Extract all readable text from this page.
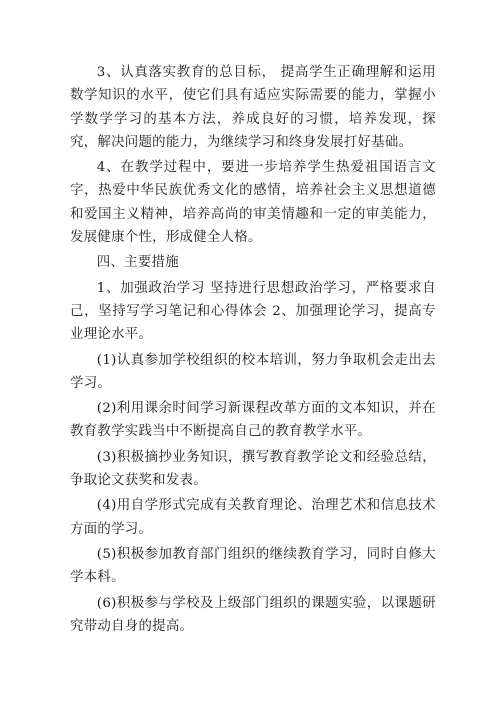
3、认真落实教育的总目标， 提高学生正确理解和运用数学知识的水平，使它们具有适应实际需要的能力，掌握小学数学学习的基本方法，养成良好的习惯，培养发现，探究，解决问题的能力，为继续学习和终身发展打好基础。

4、在教学过程中，要进一步培养学生热爱祖国语言文字，热爱中华民族优秀文化的感情，培养社会主义思想道德和爱国主义精神，培养高尚的审美情趣和一定的审美能力，发展健康个性，形成健全人格。

四、主要措施

1、加强政治学习 坚持进行思想政治学习，严格要求自己，坚持写学习笔记和心得体会 2、加强理论学习，提高专业理论水平。

(1)认真参加学校组织的校本培训，努力争取机会走出去学习。

(2)利用课余时间学习新课程改革方面的文本知识，并在教育教学实践当中不断提高自己的教育教学水平。

(3)积极摘抄业务知识，撰写教育教学论文和经验总结，争取论文获奖和发表。

(4)用自学形式完成有关教育理论、治理艺术和信息技术方面的学习。

(5)积极参加教育部门组织的继续教育学习，同时自修大学本科。

(6)积极参与学校及上级部门组织的课题实验，以课题研究带动自身的提高。
